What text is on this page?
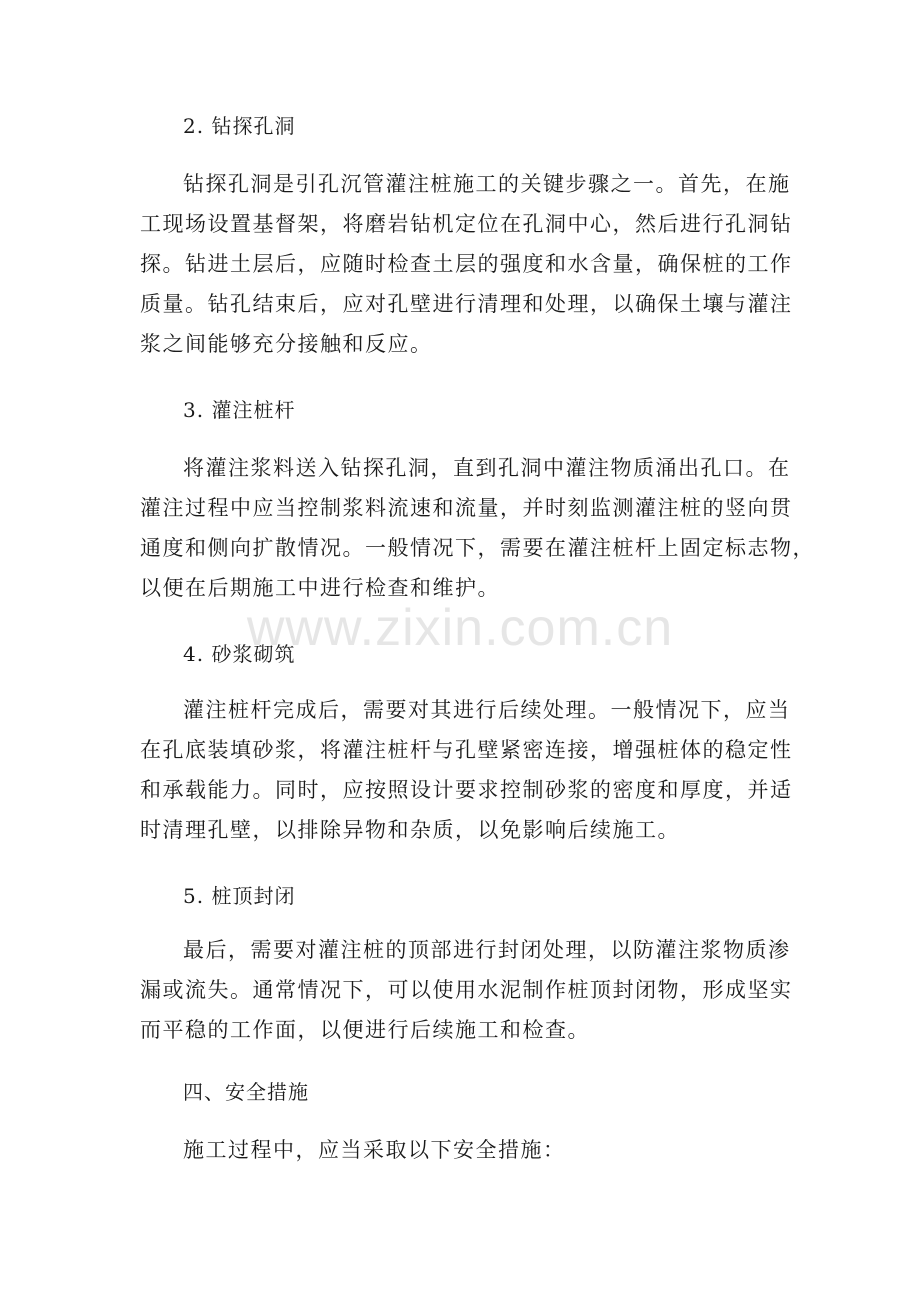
www.zixin.com.cn
2. 钻探孔洞
钻探孔洞是引孔沉管灌注桩施工的关键步骤之一。首先，在施
工现场设置基督架，将磨岩钻机定位在孔洞中心，然后进行孔洞钻
探。钻进土层后，应随时检查土层的强度和水含量，确保桩的工作
质量。钻孔结束后，应对孔壁进行清理和处理，以确保土壤与灌注
浆之间能够充分接触和反应。
3. 灌注桩杆
将灌注浆料送入钻探孔洞，直到孔洞中灌注物质涌出孔口。在
灌注过程中应当控制浆料流速和流量，并时刻监测灌注桩的竖向贯
通度和侧向扩散情况。一般情况下，需要在灌注桩杆上固定标志物，
以便在后期施工中进行检查和维护。
4. 砂浆砌筑
灌注桩杆完成后，需要对其进行后续处理。一般情况下，应当
在孔底装填砂浆，将灌注桩杆与孔壁紧密连接，增强桩体的稳定性
和承载能力。同时，应按照设计要求控制砂浆的密度和厚度，并适
时清理孔壁，以排除异物和杂质，以免影响后续施工。
5. 桩顶封闭
最后，需要对灌注桩的顶部进行封闭处理，以防灌注浆物质渗
漏或流失。通常情况下，可以使用水泥制作桩顶封闭物，形成坚实
而平稳的工作面，以便进行后续施工和检查。
四、安全措施
施工过程中，应当采取以下安全措施：
